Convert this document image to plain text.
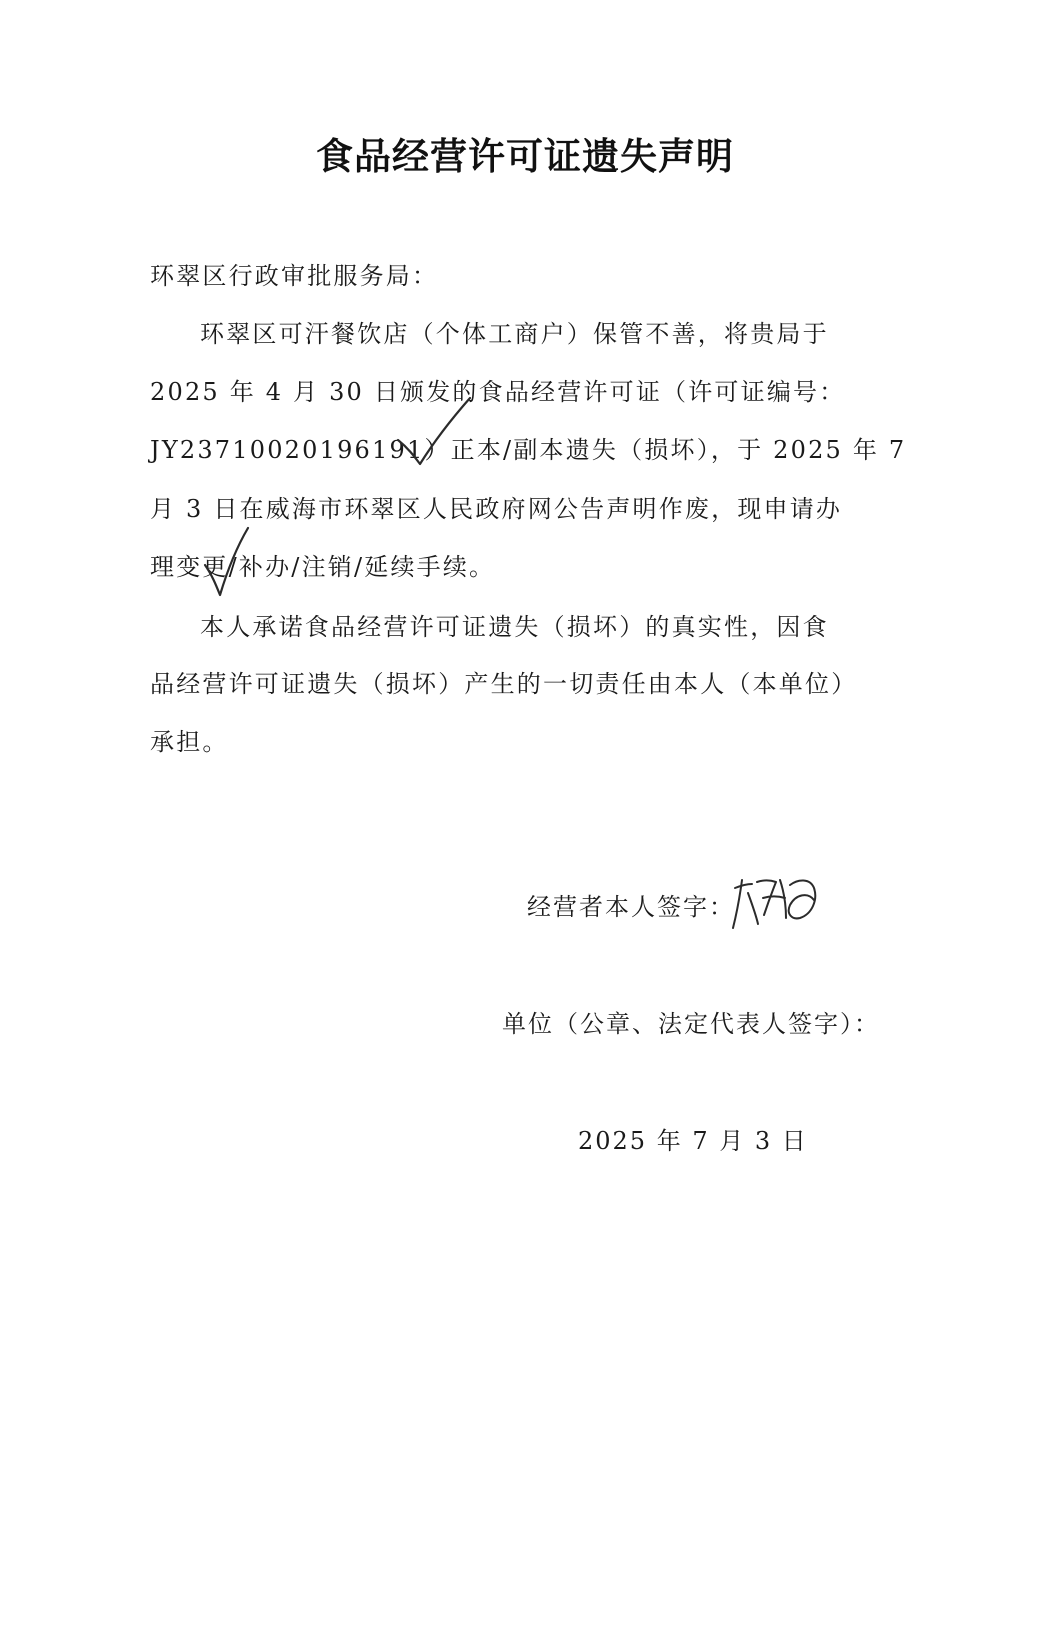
食品经营许可证遗失声明
环翠区行政审批服务局：
环翠区可汗餐饮店（个体工商户）保管不善，将贵局于
2025 年 4 月 30 日颁发的食品经营许可证（许可证编号：
JY23710020196191）正本/副本遗失（损坏），于 2025 年 7
月 3 日在威海市环翠区人民政府网公告声明作废，现申请办
理变更/补办/注销/延续手续。
本人承诺食品经营许可证遗失（损坏）的真实性，因食
品经营许可证遗失（损坏）产生的一切责任由本人（本单位）
承担。
经营者本人签字：
单位（公章、法定代表人签字）：
2025 年 7 月 3 日
